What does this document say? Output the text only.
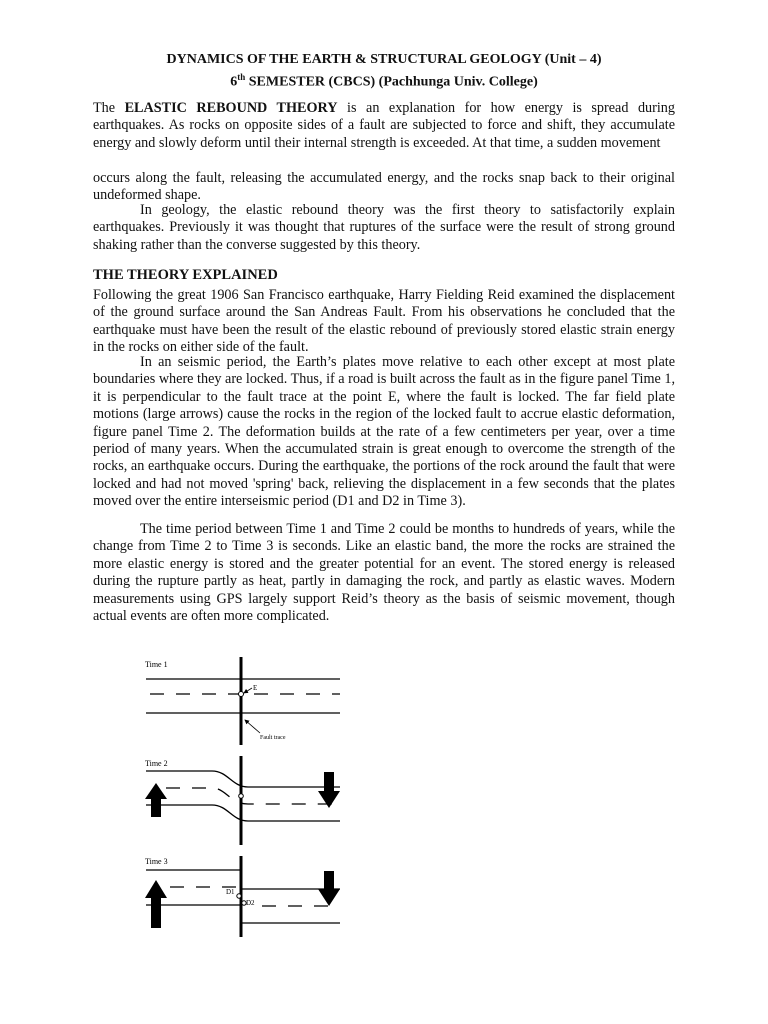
DYNAMICS OF THE EARTH & STRUCTURAL GEOLOGY (Unit – 4)
6th SEMESTER (CBCS) (Pachhunga Univ. College)

The ELASTIC REBOUND THEORY is an explanation for how energy is spread during earthquakes. As rocks on opposite sides of a fault are subjected to force and shift, they accumulate energy and slowly deform until their internal strength is exceeded. At that time, a sudden movement

occurs along the fault, releasing the accumulated energy, and the rocks snap back to their original undeformed shape.

In geology, the elastic rebound theory was the first theory to satisfactorily explain earthquakes. Previously it was thought that ruptures of the surface were the result of strong ground shaking rather than the converse suggested by this theory.

THE THEORY EXPLAINED

Following the great 1906 San Francisco earthquake, Harry Fielding Reid examined the displacement of the ground surface around the San Andreas Fault. From his observations he concluded that the earthquake must have been the result of the elastic rebound of previously stored elastic strain energy in the rocks on either side of the fault.

In an seismic period, the Earth’s plates move relative to each other except at most plate boundaries where they are locked. Thus, if a road is built across the fault as in the figure panel Time 1, it is perpendicular to the fault trace at the point E, where the fault is locked. The far field plate motions (large arrows) cause the rocks in the region of the locked fault to accrue elastic deformation, figure panel Time 2. The deformation builds at the rate of a few centimeters per year, over a time period of many years. When the accumulated strain is great enough to overcome the strength of the rocks, an earthquake occurs. During the earthquake, the portions of the rock around the fault that were locked and had not moved 'spring' back, relieving the displacement in a few seconds that the plates moved over the entire interseismic period (D1 and D2 in Time 3).

The time period between Time 1 and Time 2 could be months to hundreds of years, while the change from Time 2 to Time 3 is seconds. Like an elastic band, the more the rocks are strained the more elastic energy is stored and the greater potential for an event. The stored energy is released during the rupture partly as heat, partly in damaging the rock, and partly as elastic waves. Modern measurements using GPS largely support Reid’s theory as the basis of seismic movement, though actual events are often more complicated.

Time 1
E
Fault trace
Time 2
Time 3
D1
D2
